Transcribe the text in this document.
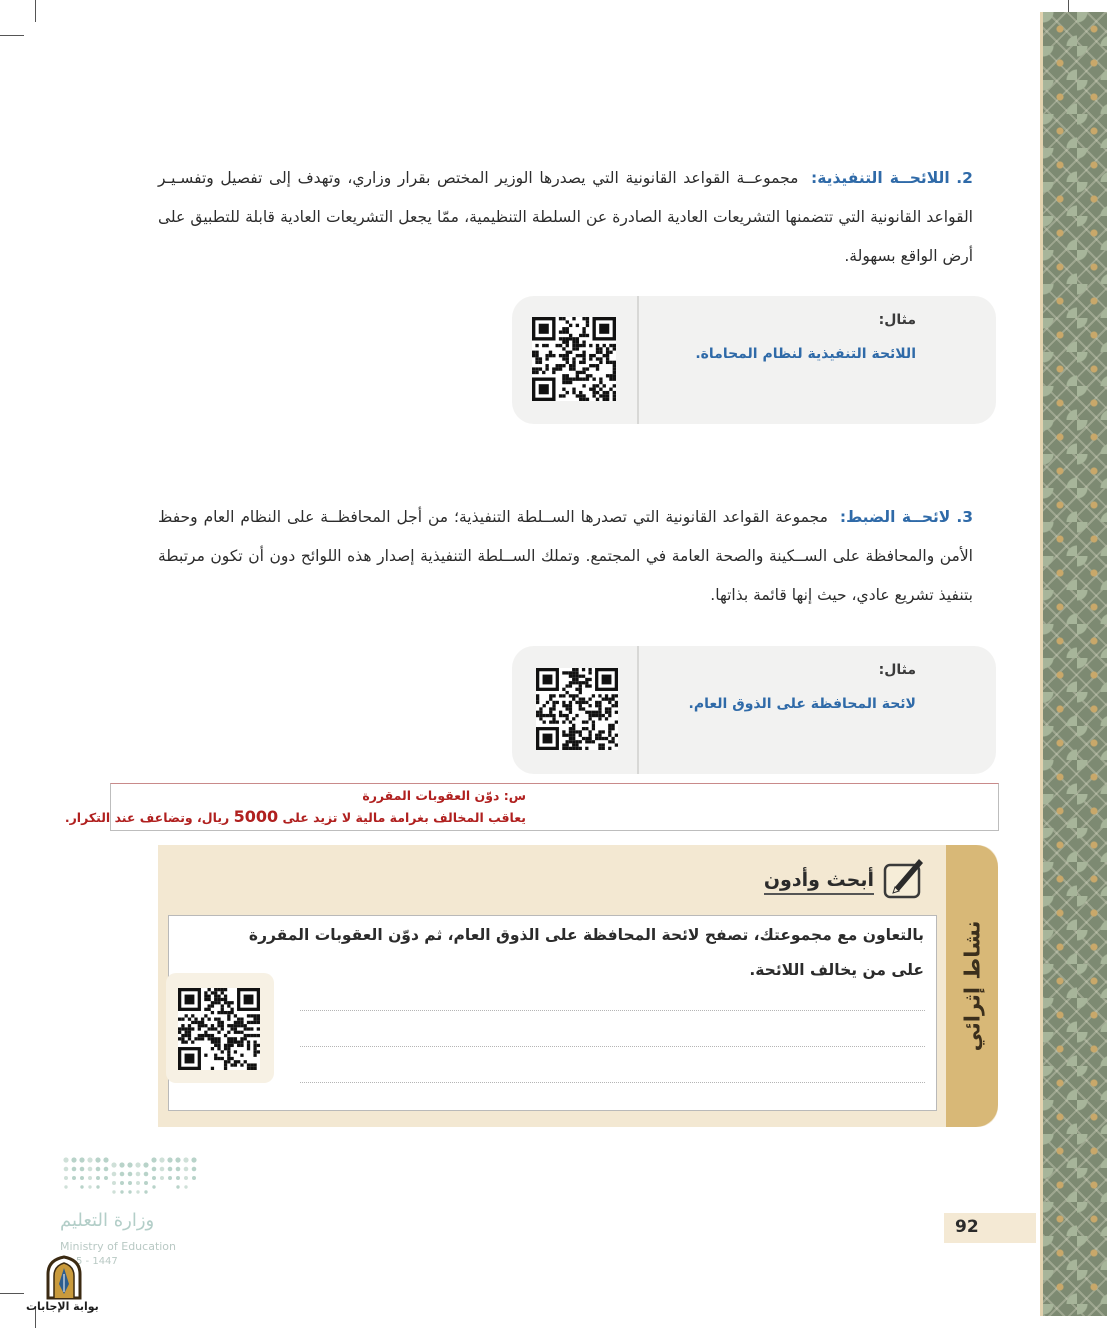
2. اللائحــة التنفيذية: مجموعــة القواعد القانونية التي يصدرها الوزير المختص بقرار وزاري، وتهدف إلى تفصيل وتفسـيـر القواعد القانونية التي تتضمنها التشريعات العادية الصادرة عن السلطة التنظيمية، ممّا يجعل التشريعات العادية قابلة للتطبيق على أرض الواقع بسهولة.
مثال:
اللائحة التنفيذية لنظام المحاماة.
3. لائحــة الضبط: مجموعة القواعد القانونية التي تصدرها الســلطة التنفيذية؛ من أجل المحافظــة على النظام العام وحفظ الأمن والمحافظة على الســكينة والصحة العامة في المجتمع. وتملك الســلطة التنفيذية إصدار هذه اللوائح دون أن تكون مرتبطة بتنفيذ تشريع عادي، حيث إنها قائمة بذاتها.
مثال:
لائحة المحافظة على الذوق العام.
س: دوّن العقوبات المقررة
يعاقب المخالف بغرامة مالية لا تزيد على 5000 ريال، وتضاعف عند التكرار.
نشاط إثرائي
أبحث وأدون
بالتعاون مع مجموعتك، تصفح لائحة المحافظة على الذوق العام، ثم دوّن العقوبات المقررة على من يخالف اللائحة.
92
وزارة التعليم
Ministry of Education
5 - 1447
بوابة الإجابات
